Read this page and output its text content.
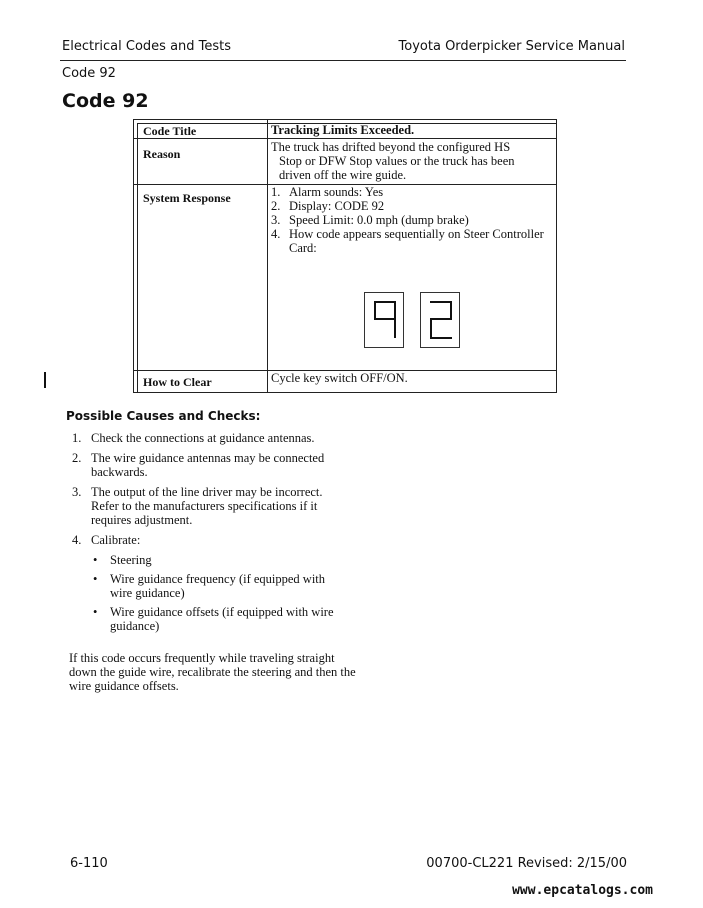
Electrical Codes and Tests	Toyota Orderpicker Service Manual
Code 92
Code 92
Code Title	Tracking Limits Exceeded.
Reason	The truck has drifted beyond the configured HS
Stop or DFW Stop values or the truck has been
driven off the wire guide.
System Response	1. Alarm sounds: Yes
2. Display: CODE 92
3. Speed Limit: 0.0 mph (dump brake)
4. How code appears sequentially on Steer Controller Card:
How to Clear	Cycle key switch OFF/ON.
Possible Causes and Checks:
1. Check the connections at guidance antennas.
2. The wire guidance antennas may be connected backwards.
3. The output of the line driver may be incorrect. Refer to the manufacturers specifications if it requires adjustment.
4. Calibrate:
• Steering
• Wire guidance frequency (if equipped with wire guidance)
• Wire guidance offsets (if equipped with wire guidance)
If this code occurs frequently while traveling straight down the guide wire, recalibrate the steering and then the wire guidance offsets.
6-110	00700-CL221 Revised: 2/15/00
www.epcatalogs.com
